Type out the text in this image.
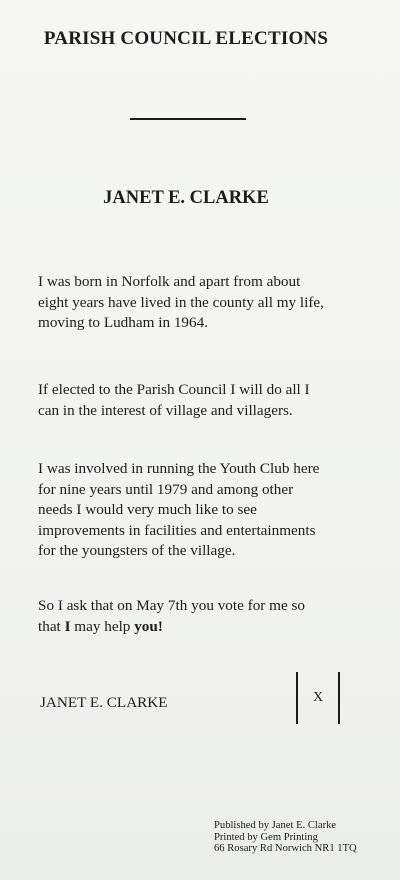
PARISH COUNCIL ELECTIONS
JANET E. CLARKE

I was born in Norfolk and apart from about
eight years have lived in the county all my life,
moving to Ludham in 1964.

If elected to the Parish Council I will do all I
can in the interest of village and villagers.

I was involved in running the Youth Club here
for nine years until 1979 and among other
needs I would very much like to see
improvements in facilities and entertainments
for the youngsters of the village.

So I ask that on May 7th you vote for me so
that I may help you!

JANET E. CLARKE	X
Published by Janet E. Clarke
Printed by Gem Printing
66 Rosary Rd Norwich NR1 1TQ
